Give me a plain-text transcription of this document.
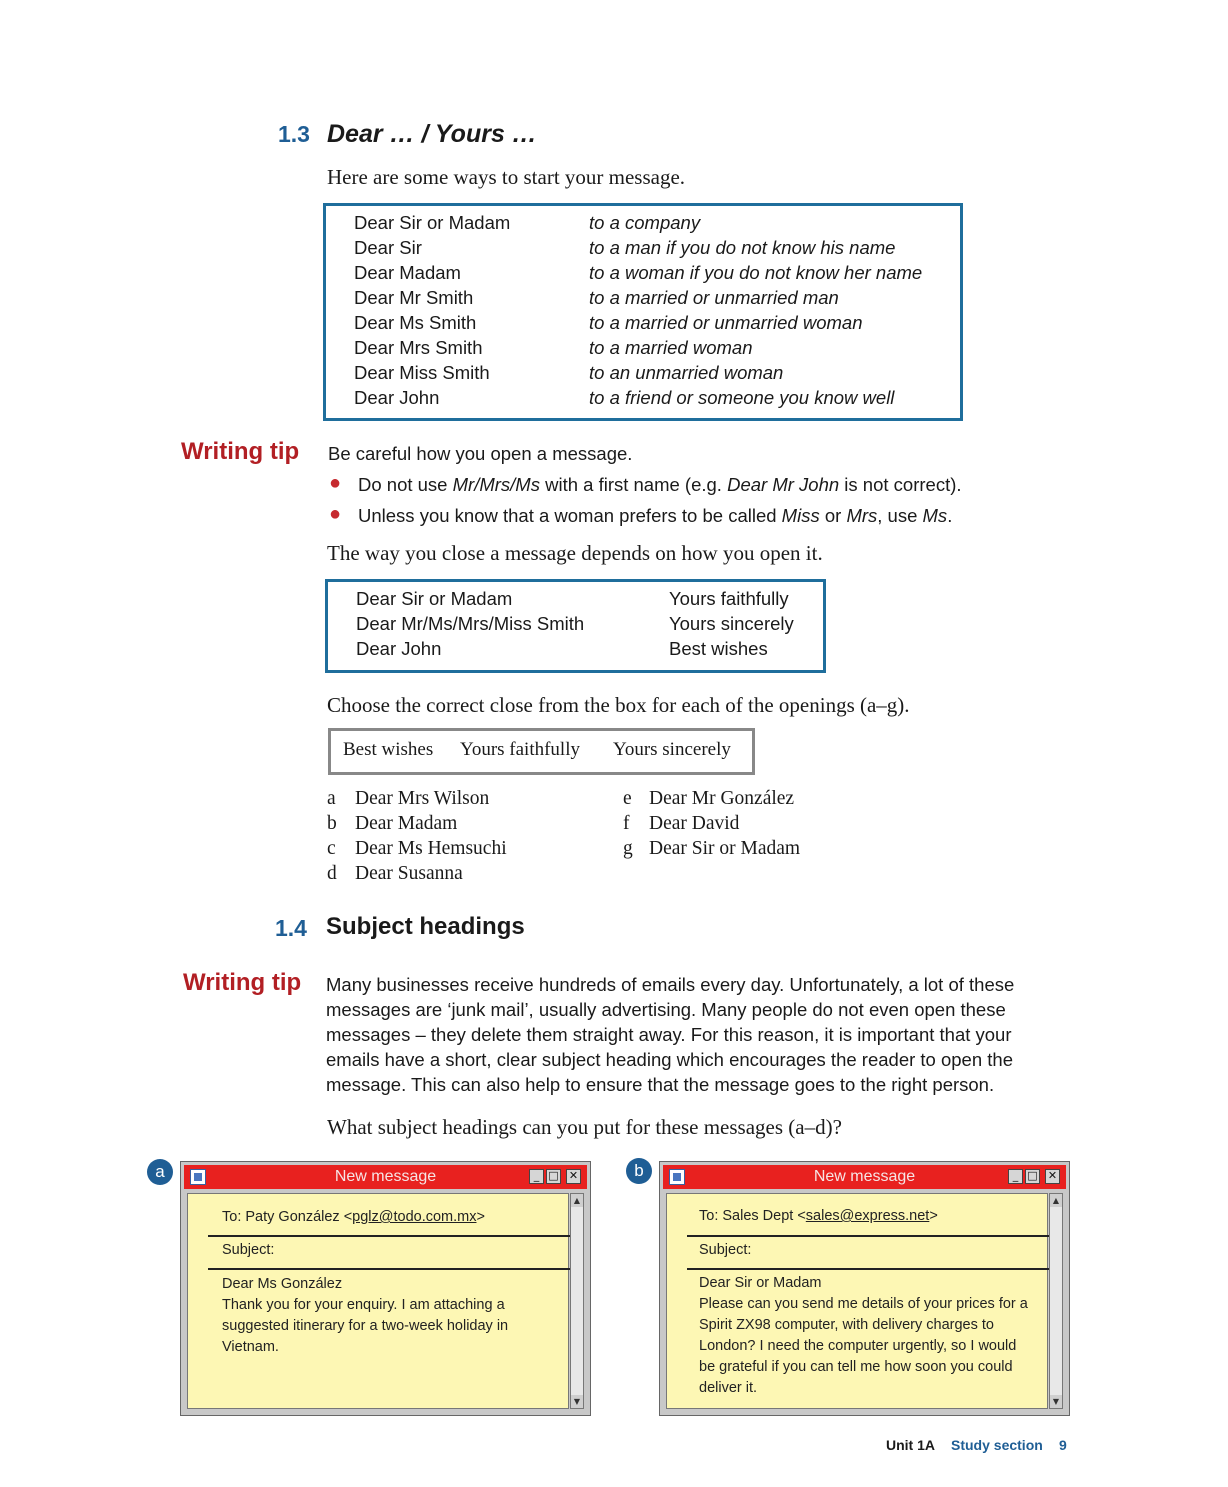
1.3 Dear … / Yours …
Here are some ways to start your message.
Dear Sir or Madam	to a company
Dear Sir	to a man if you do not know his name
Dear Madam	to a woman if you do not know her name
Dear Mr Smith	to a married or unmarried man
Dear Ms Smith	to a married or unmarried woman
Dear Mrs Smith	to a married woman
Dear Miss Smith	to an unmarried woman
Dear John	to a friend or someone you know well
Writing tip Be careful how you open a message.
● Do not use Mr/Mrs/Ms with a first name (e.g. Dear Mr John is not correct).
● Unless you know that a woman prefers to be called Miss or Mrs, use Ms.
The way you close a message depends on how you open it.
Dear Sir or Madam	Yours faithfully
Dear Mr/Ms/Mrs/Miss Smith	Yours sincerely
Dear John	Best wishes
Choose the correct close from the box for each of the openings (a–g).
Best wishes Yours faithfully Yours sincerely
a Dear Mrs Wilson
b Dear Madam
c Dear Ms Hemsuchi
d Dear Susanna
e Dear Mr González
f Dear David
g Dear Sir or Madam
1.4 Subject headings
Writing tip Many businesses receive hundreds of emails every day. Unfortunately, a lot of these
messages are ‘junk mail’, usually advertising. Many people do not even open these
messages – they delete them straight away. For this reason, it is important that your
emails have a short, clear subject heading which encourages the reader to open the
message. This can also help to ensure that the message goes to the right person.
What subject headings can you put for these messages (a–d)?
a	New message	_ □ ✕
To: Paty González <pglz@todo.com.mx>
Subject:
Dear Ms González
Thank you for your enquiry. I am attaching a
suggested itinerary for a two-week holiday in
Vietnam.
▲
▼
b	New message	_ □ ✕
To: Sales Dept <sales@express.net>
Subject:
Dear Sir or Madam
Please can you send me details of your prices for a
Spirit ZX98 computer, with delivery charges to
London? I need the computer urgently, so I would
be grateful if you can tell me how soon you could
deliver it.
▲
▼
Unit 1A Study section 9
